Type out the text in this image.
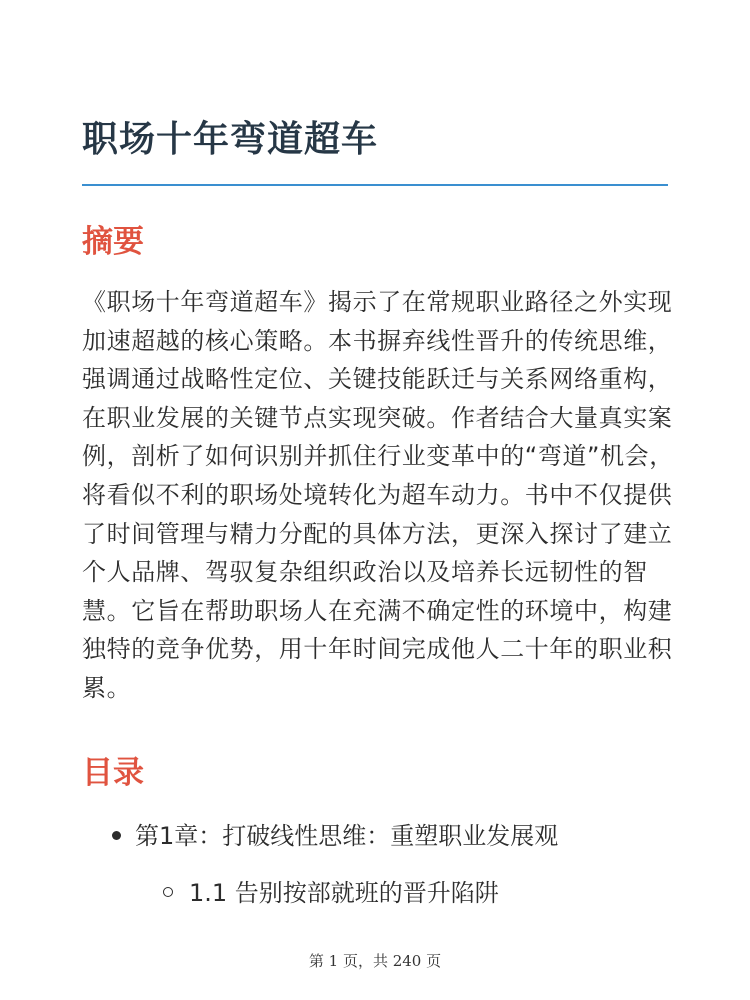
职场十年弯道超车
摘要

《职场十年弯道超车》揭示了在常规职业路径之外实现加速超越的核心策略。本书摒弃线性晋升的传统思维，强调通过战略性定位、关键技能跃迁与关系网络重构，在职业发展的关键节点实现突破。作者结合大量真实案例，剖析了如何识别并抓住行业变革中的“弯道”机会，将看似不利的职场处境转化为超车动力。书中不仅提供了时间管理与精力分配的具体方法，更深入探讨了建立个人品牌、驾驭复杂组织政治以及培养长远韧性的智慧。它旨在帮助职场人在充满不确定性的环境中，构建独特的竞争优势，用十年时间完成他人二十年的职业积累。

目录
第1章：打破线性思维：重塑职业发展观
1.1 告别按部就班的晋升陷阱
第 1 页，共 240 页
